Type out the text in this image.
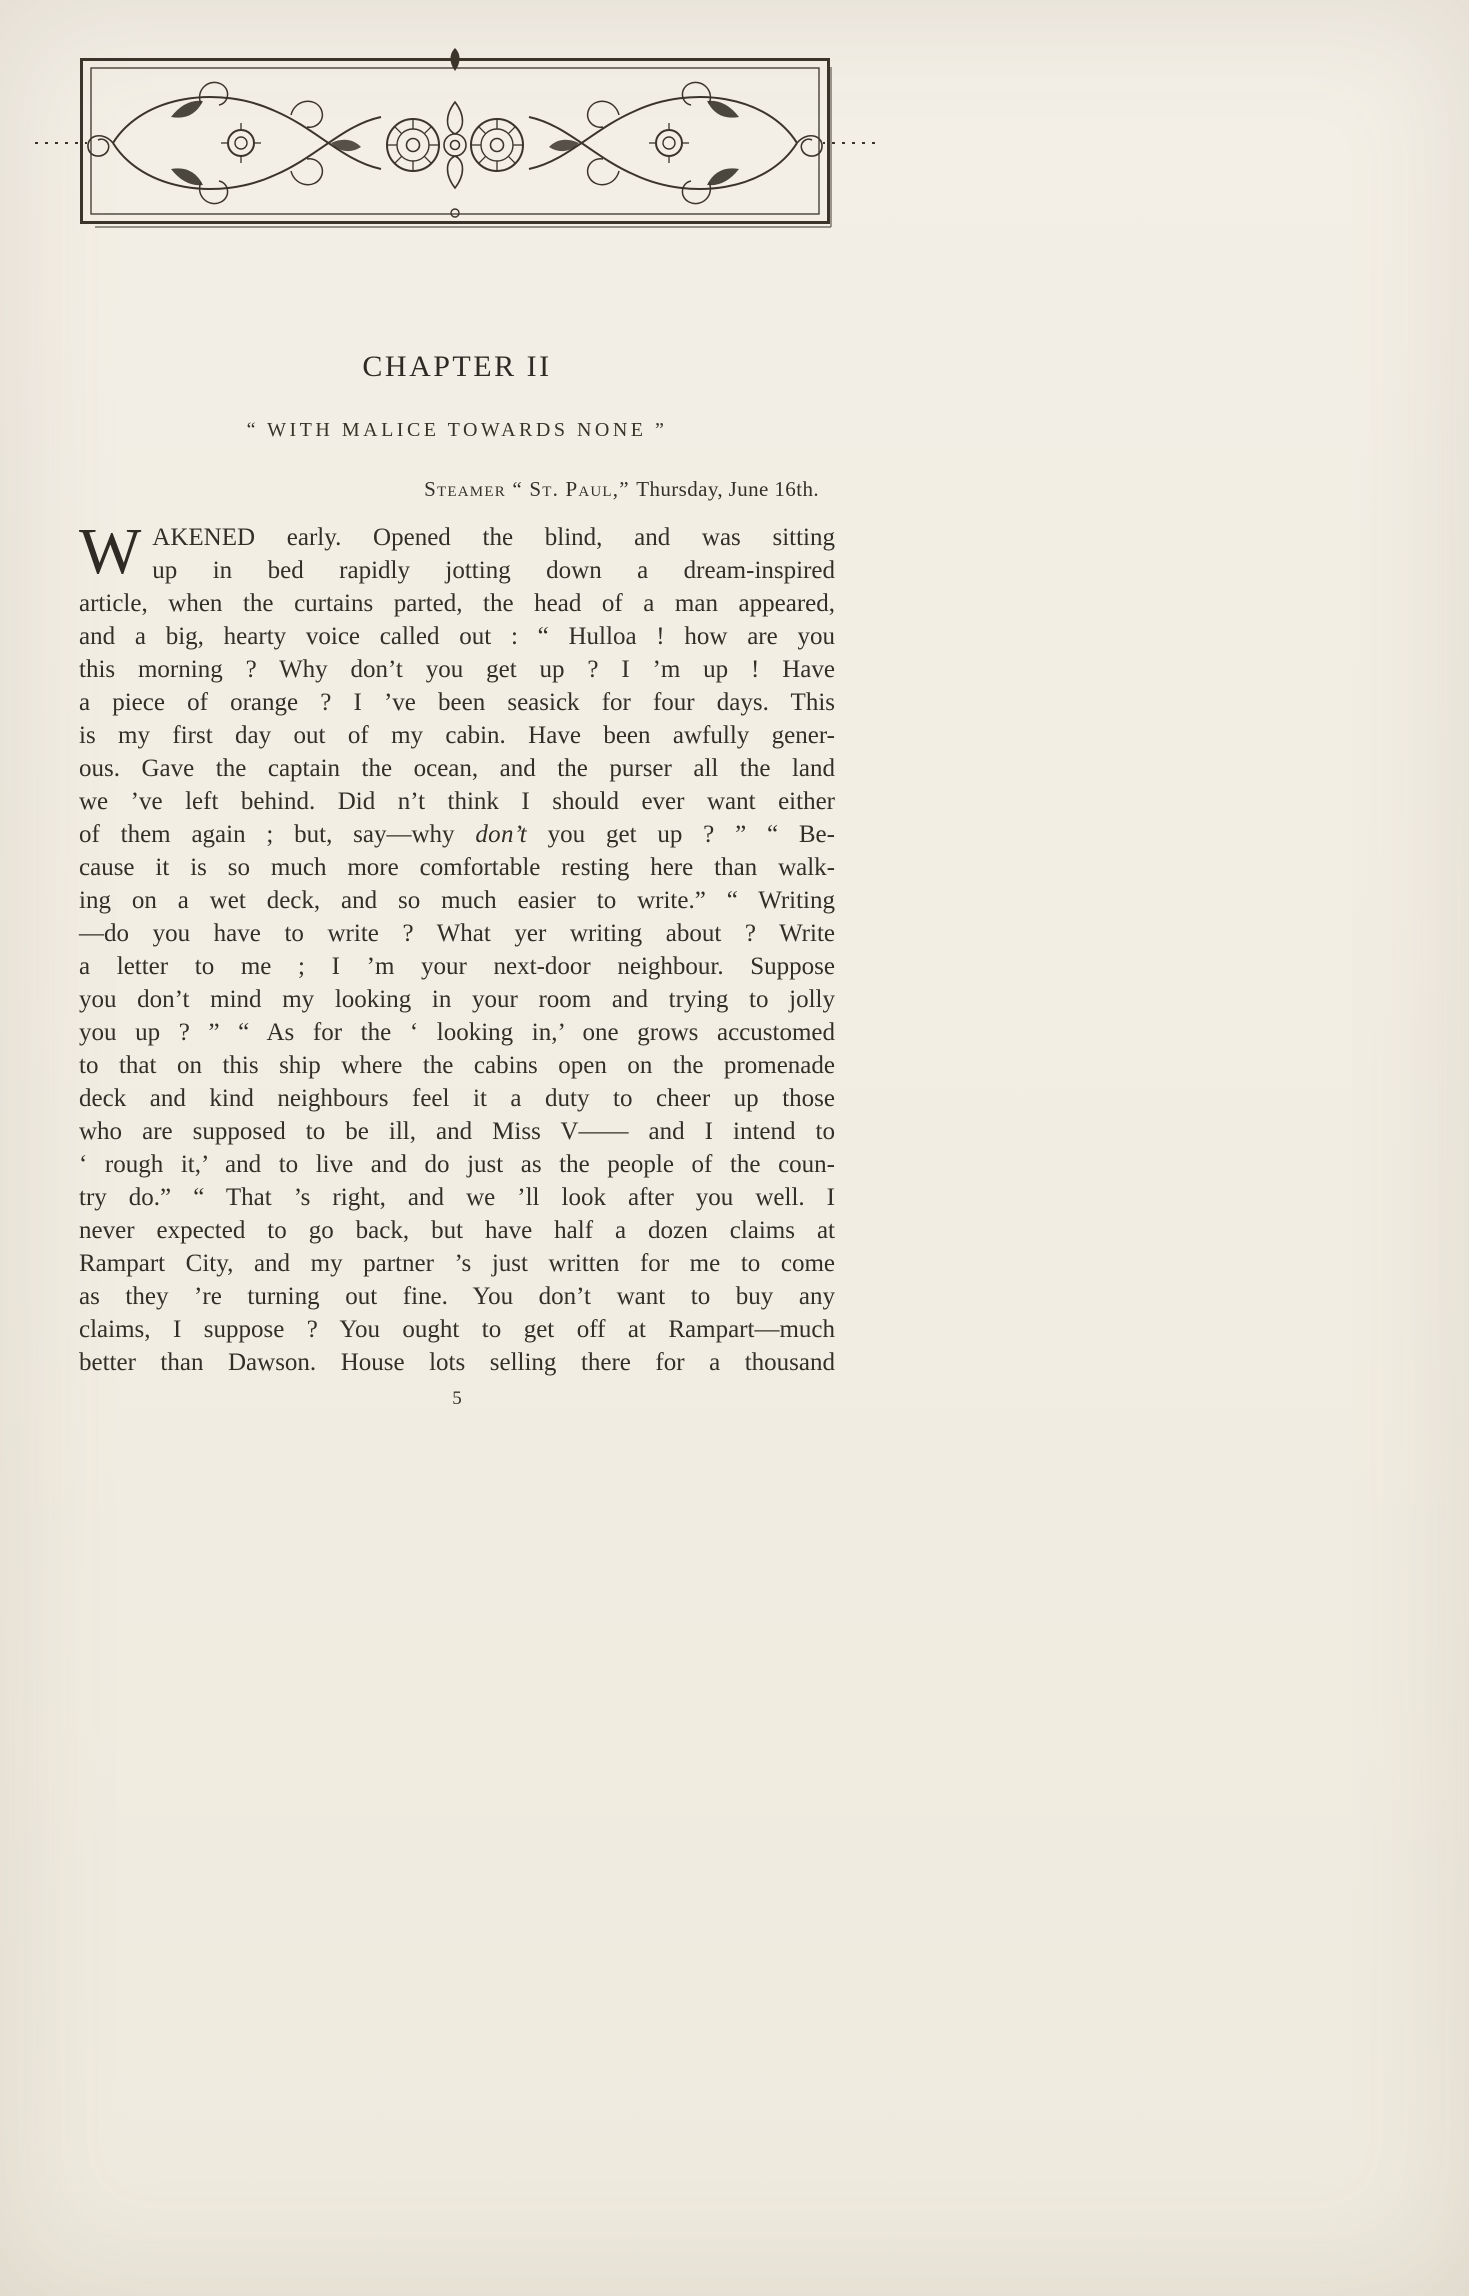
CHAPTER II
“ WITH MALICE TOWARDS NONE ”
Steamer “ St. Paul,” Thursday, June 16th.
W AKENED early. Opened the blind, and was sitting
up in bed rapidly jotting down a dream-inspired
article, when the curtains parted, the head of a man appeared,
and a big, hearty voice called out : “ Hulloa ! how are you
this morning ? Why don’t you get up ? I ’m up ! Have
a piece of orange ? I ’ve been seasick for four days. This
is my first day out of my cabin. Have been awfully gener-
ous. Gave the captain the ocean, and the purser all the land
we ’ve left behind. Did n’t think I should ever want either
of them again ; but, say—why don’t you get up ? ” “ Be-
cause it is so much more comfortable resting here than walk-
ing on a wet deck, and so much easier to write.” “ Writing
—do you have to write ? What yer writing about ? Write
a letter to me ; I ’m your next-door neighbour. Suppose
you don’t mind my looking in your room and trying to jolly
you up ? ” “ As for the ‘ looking in,’ one grows accustomed
to that on this ship where the cabins open on the promenade
deck and kind neighbours feel it a duty to cheer up those
who are supposed to be ill, and Miss V—— and I intend to
‘ rough it,’ and to live and do just as the people of the coun-
try do.” “ That ’s right, and we ’ll look after you well. I
never expected to go back, but have half a dozen claims at
Rampart City, and my partner ’s just written for me to come
as they ’re turning out fine. You don’t want to buy any
claims, I suppose ? You ought to get off at Rampart—much
better than Dawson. House lots selling there for a thousand
5
